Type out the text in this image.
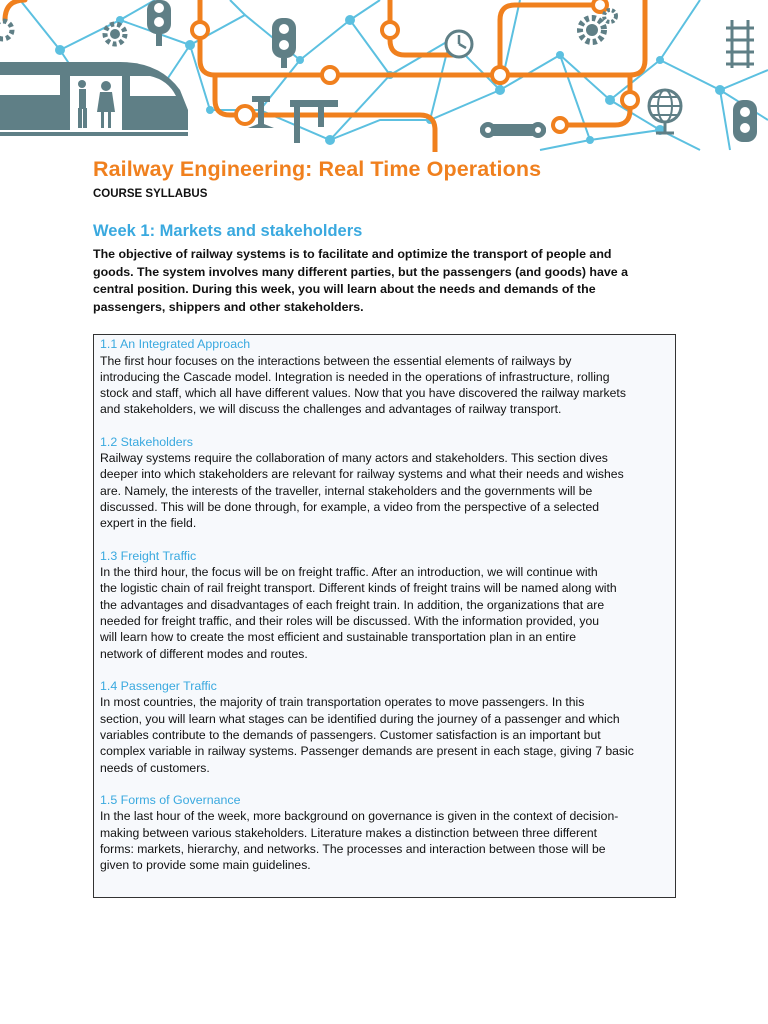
Railway Engineering: Real Time Operations
COURSE SYLLABUS
Week 1: Markets and stakeholders
The objective of railway systems is to facilitate and optimize the transport of people and
goods. The system involves many different parties, but the passengers (and goods) have a
central position. During this week, you will learn about the needs and demands of the
passengers, shippers and other stakeholders.
1.1 An Integrated Approach
The first hour focuses on the interactions between the essential elements of railways by
introducing the Cascade model. Integration is needed in the operations of infrastructure, rolling
stock and staff, which all have different values. Now that you have discovered the railway markets
and stakeholders, we will discuss the challenges and advantages of railway transport.
1.2 Stakeholders
Railway systems require the collaboration of many actors and stakeholders. This section dives
deeper into which stakeholders are relevant for railway systems and what their needs and wishes
are. Namely, the interests of the traveller, internal stakeholders and the governments will be
discussed. This will be done through, for example, a video from the perspective of a selected
expert in the field.
1.3 Freight Traffic
In the third hour, the focus will be on freight traffic. After an introduction, we will continue with
the logistic chain of rail freight transport. Different kinds of freight trains will be named along with
the advantages and disadvantages of each freight train. In addition, the organizations that are
needed for freight traffic, and their roles will be discussed. With the information provided, you
will learn how to create the most efficient and sustainable transportation plan in an entire
network of different modes and routes.
1.4 Passenger Traffic
In most countries, the majority of train transportation operates to move passengers. In this
section, you will learn what stages can be identified during the journey of a passenger and which
variables contribute to the demands of passengers. Customer satisfaction is an important but
complex variable in railway systems. Passenger demands are present in each stage, giving 7 basic
needs of customers.
1.5 Forms of Governance
In the last hour of the week, more background on governance is given in the context of decision-
making between various stakeholders. Literature makes a distinction between three different
forms: markets, hierarchy, and networks. The processes and interaction between those will be
given to provide some main guidelines.
